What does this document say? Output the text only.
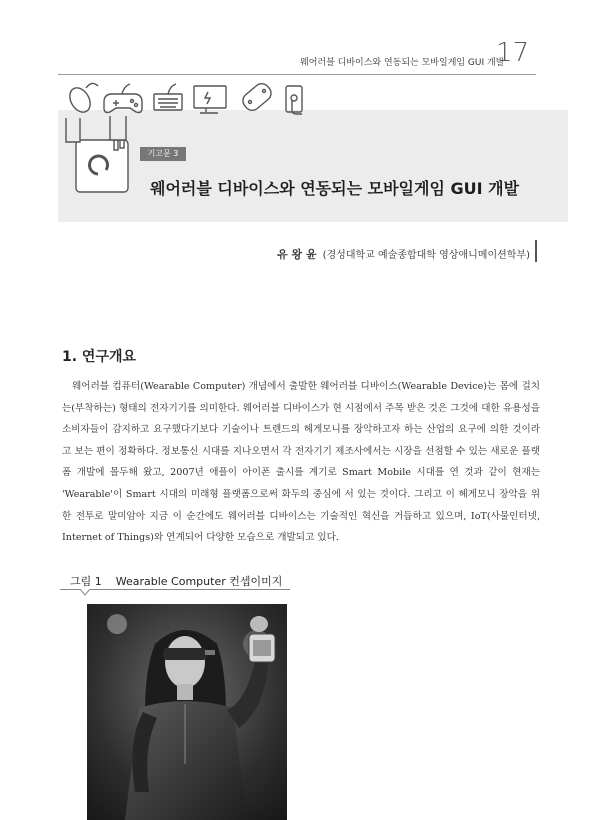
웨어러블 디바이스와 연동되는 모바일게임 GUI 개발
17
기고문 3
웨어러블 디바이스와 연동되는 모바일게임 GUI 개발
유 왕 윤 (경성대학교 예술종합대학 영상애니메이션학부)
1. 연구개요
웨어러블 컴퓨터(Wearable Computer) 개념에서 출발한 웨어러블 디바이스(Wearable Device)는 몸에 걸치는(부착하는) 형태의 전자기기를 의미한다. 웨어러블 디바이스가 현 시점에서 주목 받은 것은 그것에 대한 유용성을 소비자들이 감지하고 요구했다기보다 기술이나 트렌드의 헤게모니를 장악하고자 하는 산업의 요구에 의한 것이라고 보는 편이 정확하다. 정보통신 시대를 지나오면서 각 전자기기 제조사에서는 시장을 선점할 수 있는 새로운 플랫폼 개발에 몰두해 왔고, 2007년 애플이 아이폰 출시를 계기로 Smart Mobile 시대를 연 것과 같이 현재는 'Wearable'이 Smart 시대의 미래형 플랫폼으로써 화두의 중심에 서 있는 것이다. 그리고 이 헤게모니 장악을 위한 전투로 말미암아 지금 이 순간에도 웨어러블 디바이스는 기술적인 혁신을 거듭하고 있으며, IoT(사물인터넷, Internet of Things)와 연계되어 다양한 모습으로 개발되고 있다.
그림 1 Wearable Computer 컨셉이미지
